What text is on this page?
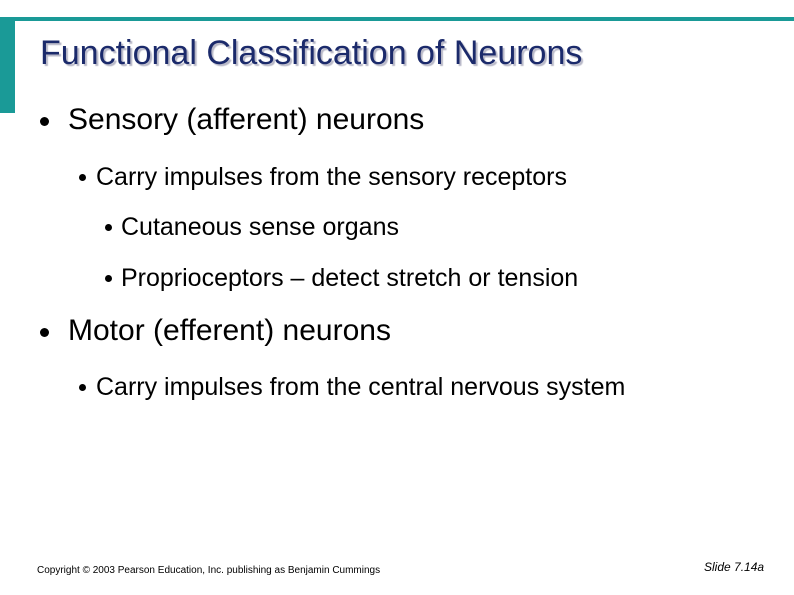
Functional Classification of Neurons
Sensory (afferent) neurons
Carry impulses from the sensory receptors
Cutaneous sense organs
Proprioceptors – detect stretch or tension
Motor (efferent) neurons
Carry impulses from the central nervous system
Copyright © 2003 Pearson Education, Inc. publishing as Benjamin Cummings	Slide 7.14a
